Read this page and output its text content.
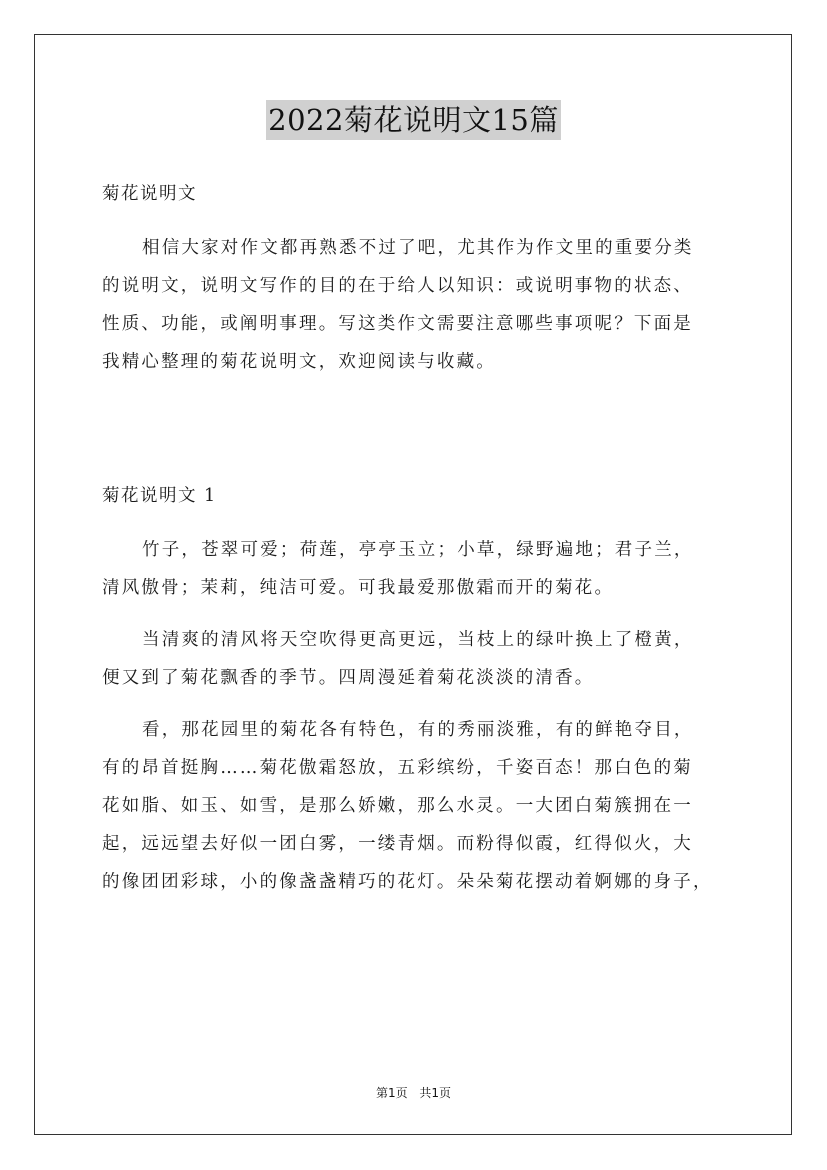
2022菊花说明文15篇
菊花说明文
相信大家对作文都再熟悉不过了吧，尤其作为作文里的重要分类
的说明文，说明文写作的目的在于给人以知识：或说明事物的状态、
性质、功能，或阐明事理。写这类作文需要注意哪些事项呢？下面是
我精心整理的菊花说明文，欢迎阅读与收藏。
菊花说明文 1
竹子，苍翠可爱；荷莲，亭亭玉立；小草，绿野遍地；君子兰，
清风傲骨；茉莉，纯洁可爱。可我最爱那傲霜而开的菊花。
当清爽的清风将天空吹得更高更远，当枝上的绿叶换上了橙黄，
便又到了菊花飘香的季节。四周漫延着菊花淡淡的清香。
看，那花园里的菊花各有特色，有的秀丽淡雅，有的鲜艳夺目，
有的昂首挺胸……菊花傲霜怒放，五彩缤纷，千姿百态！那白色的菊
花如脂、如玉、如雪，是那么娇嫩，那么水灵。一大团白菊簇拥在一
起，远远望去好似一团白雾，一缕青烟。而粉得似霞，红得似火，大
的像团团彩球，小的像盏盏精巧的花灯。朵朵菊花摆动着婀娜的身子，
第1页 共1页
